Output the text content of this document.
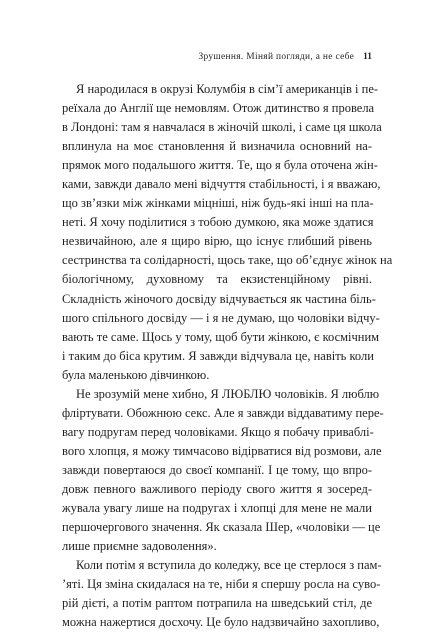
Зрушення. Міняй погляди, а не себе 11

Я народилася в окрузі Колумбія в сім’ї американців і пе-
реїхала до Англії ще немовлям. Отож дитинство я провела
в Лондоні: там я навчалася в жіночій школі, і саме ця школа
вплинула на моє становлення й визначила основний на-
прямок мого подальшого життя. Те, що я була оточена жін-
ками, завжди давало мені відчуття стабільності, і я вважаю,
що зв’язки між жінками міцніші, ніж будь-які інші на пла-
неті. Я хочу поділитися з тобою думкою, яка може здатися
незвичайною, але я щиро вірю, що існує глибший рівень
сестринства та солідарності, щось таке, що об’єднує жінок на
біологічному, духовному та екзистенційному рівні.
Складність жіночого досвіду відчувається як частина біль-
шого спільного досвіду — і я не думаю, що чоловіки відчу-
вають те саме. Щось у тому, щоб бути жінкою, є космічним
і таким до біса крутим. Я завжди відчувала це, навіть коли
була маленькою дівчинкою.

Не зрозумій мене хибно, Я ЛЮБЛЮ чоловіків. Я люблю
фліртувати. Обожнюю секс. Але я завжди віддаватиму пере-
вагу подругам перед чоловіками. Якщо я побачу приваблі-
вого хлопця, я можу тимчасово відірватися від розмови, але
завжди повертаюся до своєї компанії. І це тому, що впро-
довж певного важливого періоду свого життя я зосеред-
жувала увагу лише на подругах і хлопці для мене не мали
першочергового значення. Як сказала Шер, «чоловіки — це
лише приємне задоволення».

Коли потім я вступила до коледжу, все це стерлося з пам-
’яті. Ця зміна скидалася на те, ніби я спершу росла на суво-
рій дієті, а потім раптом потрапила на шведський стіл, де
можна нажертися досхочу. Це було надзвичайно захопливо,
